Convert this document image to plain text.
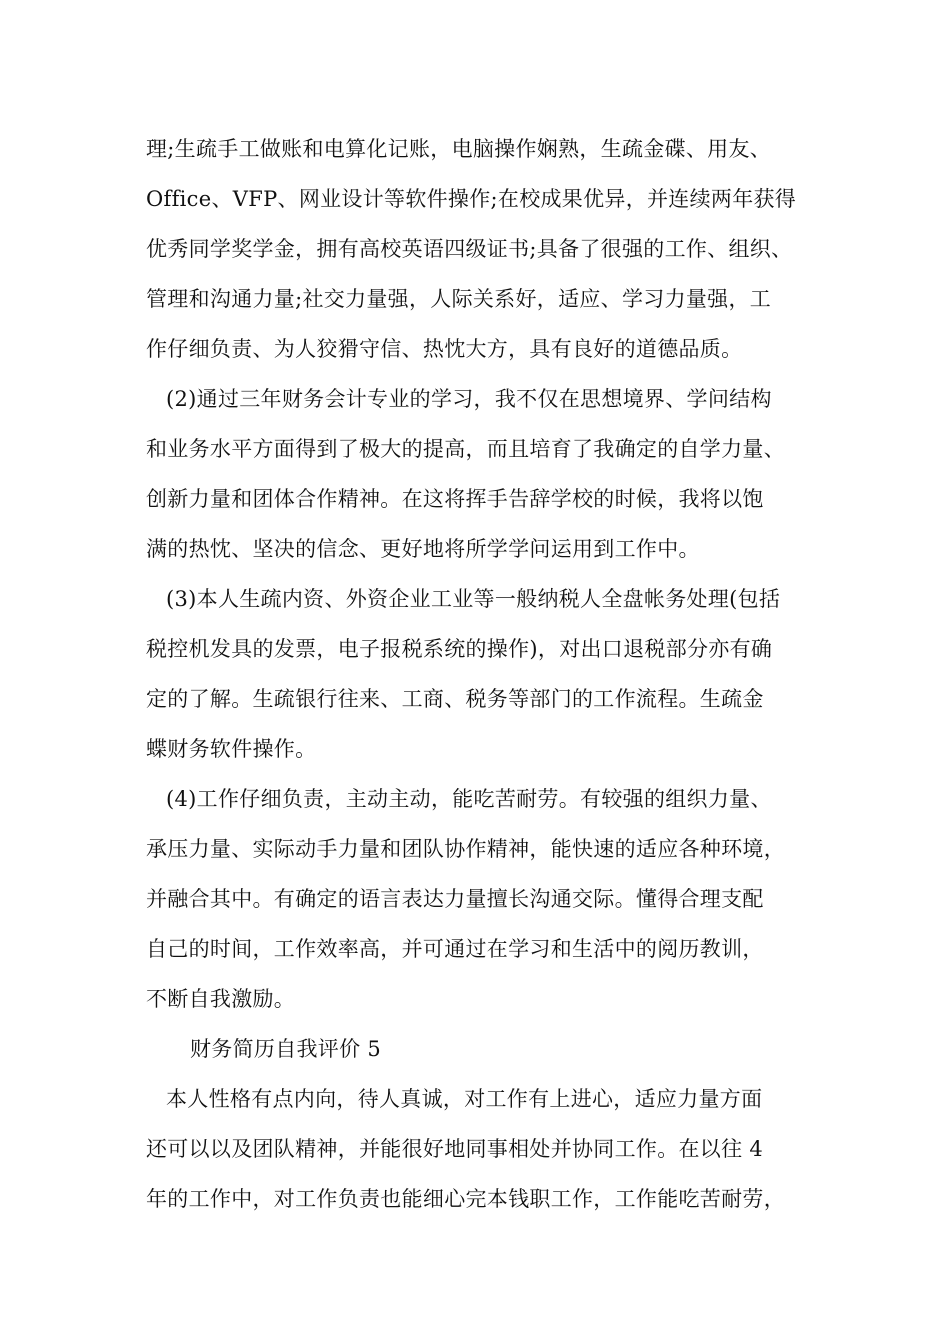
理;生疏手工做账和电算化记账，电脑操作娴熟，生疏金碟、用友、
Office、VFP、网业设计等软件操作;在校成果优异，并连续两年获得
优秀同学奖学金，拥有高校英语四级证书;具备了很强的工作、组织、
管理和沟通力量;社交力量强，人际关系好，适应、学习力量强，工
作仔细负责、为人狡猾守信、热忱大方，具有良好的道德品质。
(2)通过三年财务会计专业的学习，我不仅在思想境界、学问结构
和业务水平方面得到了极大的提高，而且培育了我确定的自学力量、
创新力量和团体合作精神。在这将挥手告辞学校的时候，我将以饱
满的热忱、坚决的信念、更好地将所学学问运用到工作中。
(3)本人生疏内资、外资企业工业等一般纳税人全盘帐务处理(包括
税控机发具的发票，电子报税系统的操作)，对出口退税部分亦有确
定的了解。生疏银行往来、工商、税务等部门的工作流程。生疏金
蝶财务软件操作。
(4)工作仔细负责，主动主动，能吃苦耐劳。有较强的组织力量、
承压力量、实际动手力量和团队协作精神，能快速的适应各种环境，
并融合其中。有确定的语言表达力量擅长沟通交际。懂得合理支配
自己的时间，工作效率高，并可通过在学习和生活中的阅历教训，
不断自我激励。
财务简历自我评价 5
本人性格有点内向，待人真诚，对工作有上进心，适应力量方面
还可以以及团队精神，并能很好地同事相处并协同工作。在以往 4
年的工作中，对工作负责也能细心完本钱职工作，工作能吃苦耐劳，
